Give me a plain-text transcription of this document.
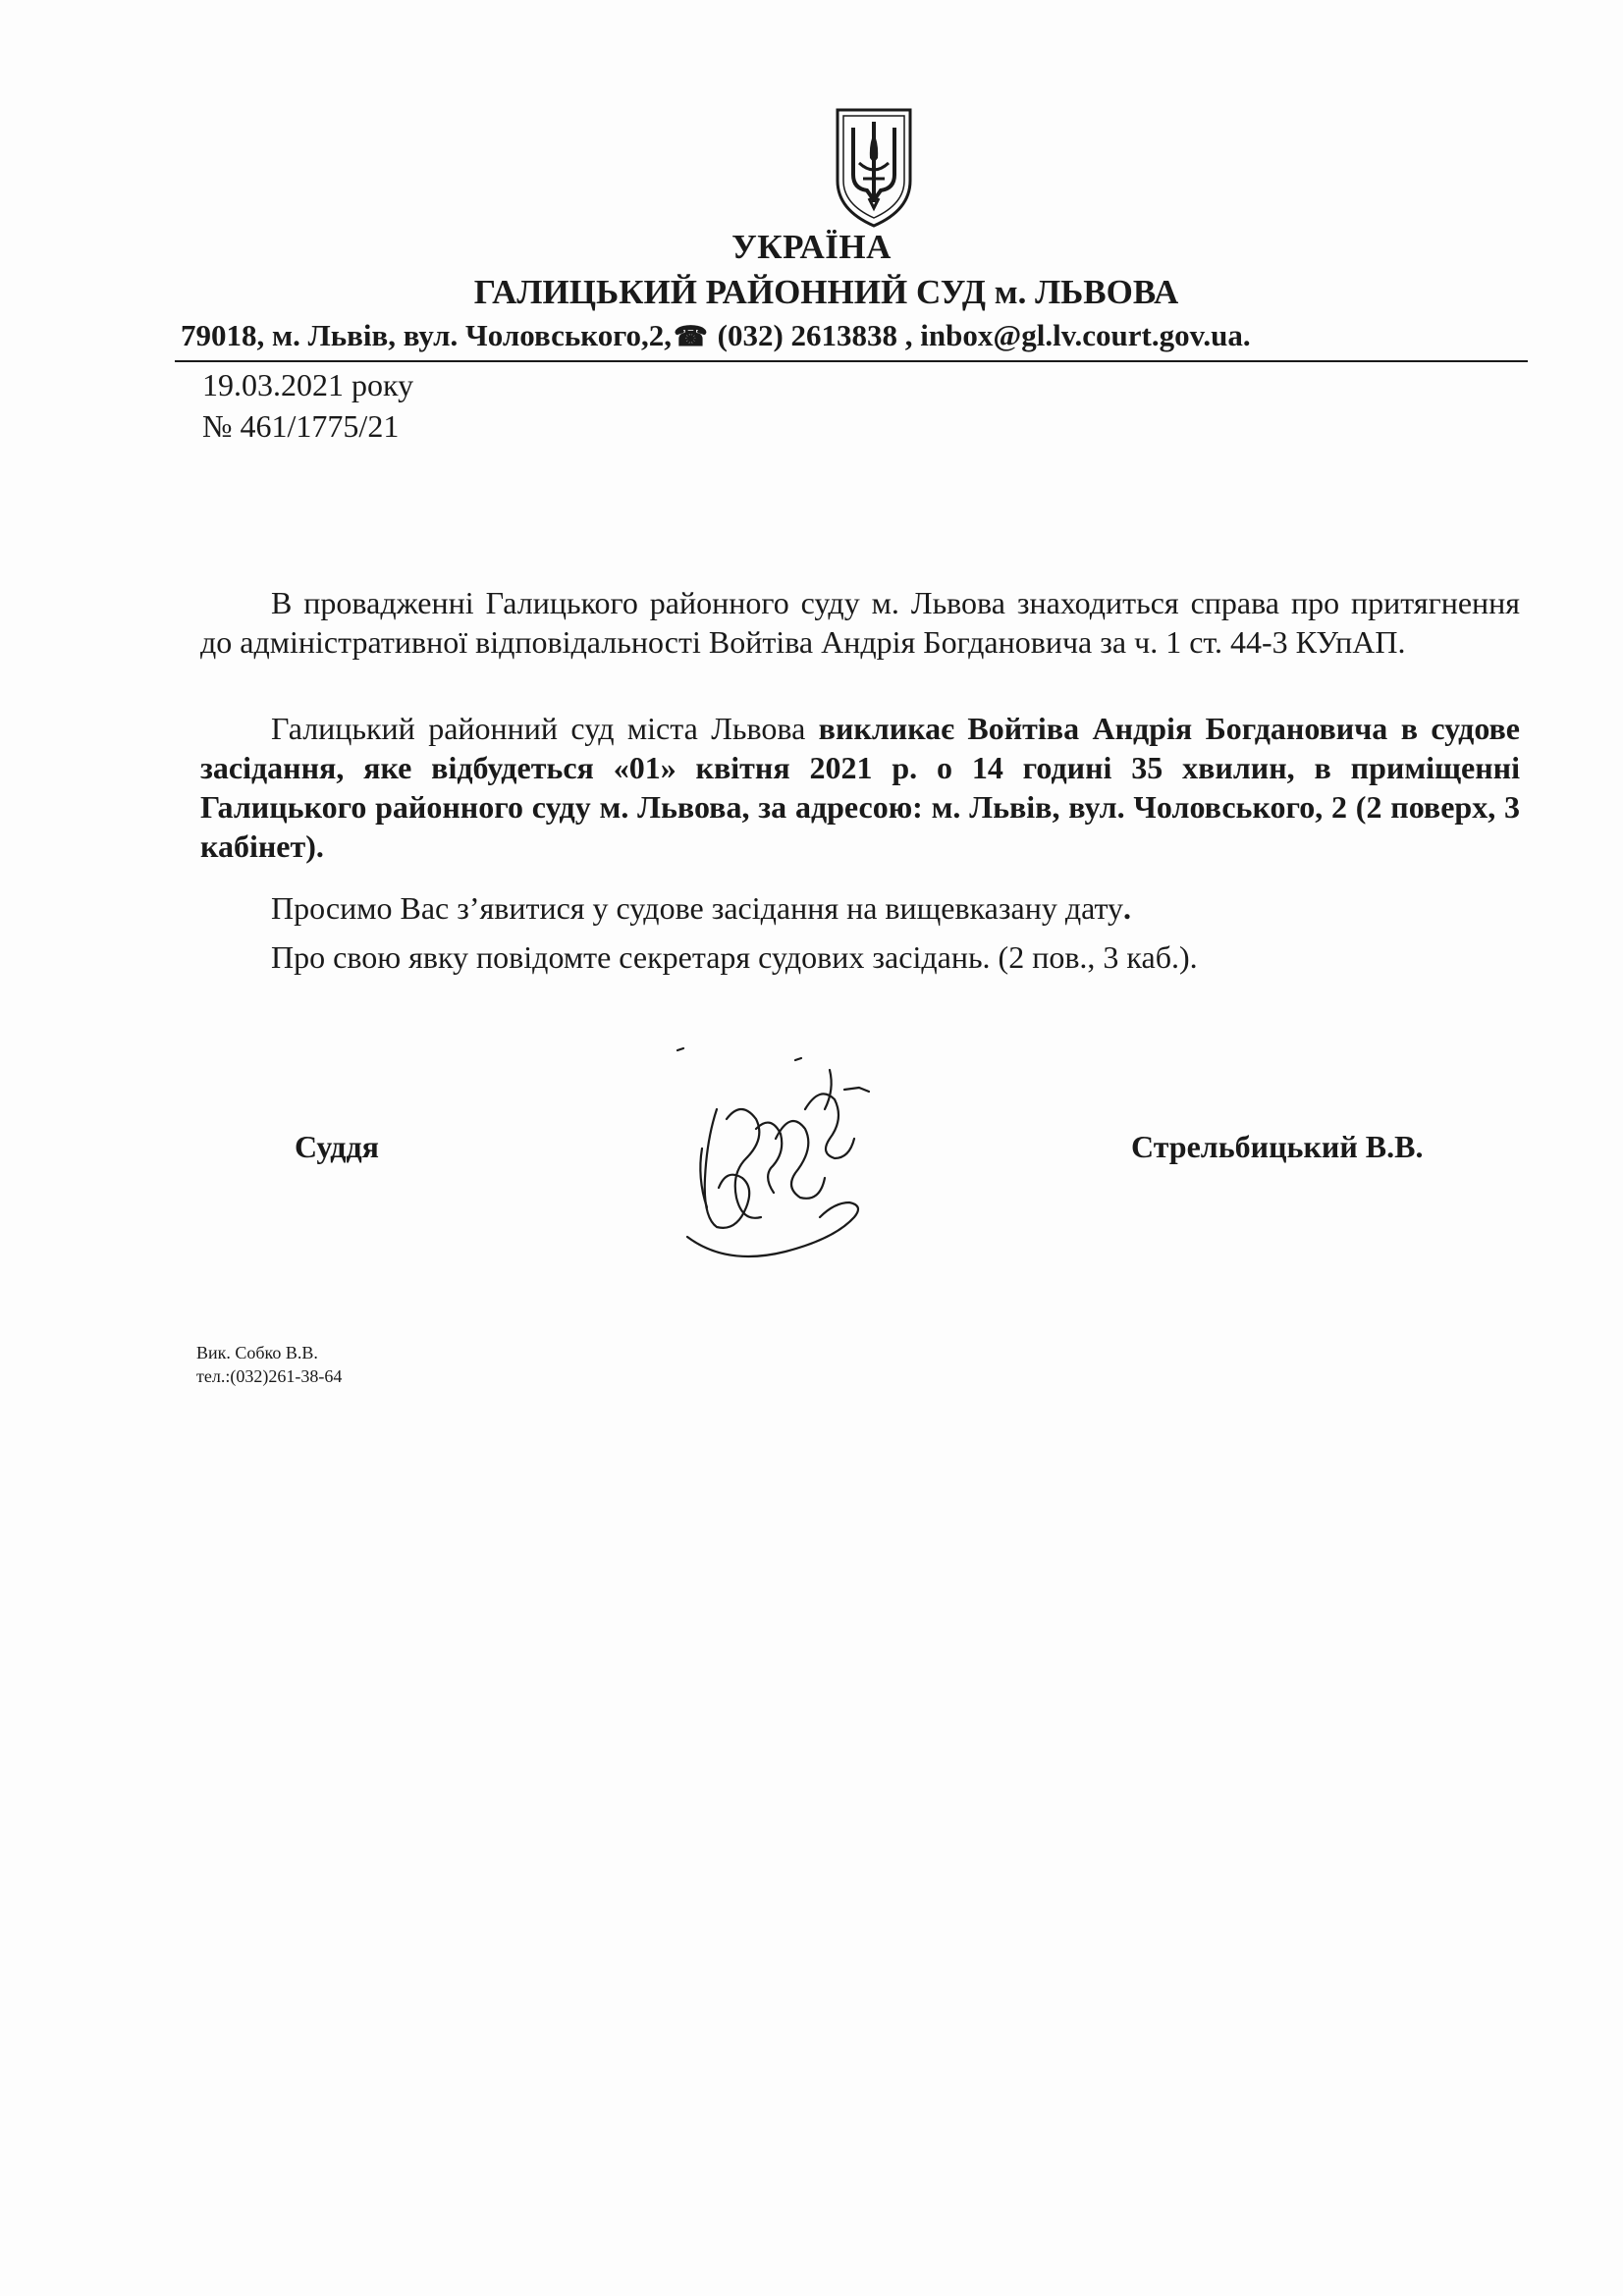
УКРАЇНА
ГАЛИЦЬКИЙ РАЙОННИЙ СУД м. ЛЬВОВА
79018, м. Львів, вул. Чоловського,2,☎ (032) 2613838 , inbox@gl.lv.court.gov.ua.
19.03.2021 року
№ 461/1775/21
В провадженні Галицького районного суду м. Львова знаходиться справа про притягнення до адміністративної відповідальності Войтіва Андрія Богдановича за ч. 1 ст. 44-3 КУпАП.
Галицький районний суд міста Львова викликає Войтіва Андрія Богдановича в судове засідання, яке відбудеться «01» квітня 2021 р. о 14 годині 35 хвилин, в приміщенні Галицького районного суду м. Львова, за адресою: м. Львів, вул. Чоловського, 2 (2 поверх, 3 кабінет).
Просимо Вас з’явитися у судове засідання на вищевказану дату.
Про свою явку повідомте секретаря судових засідань. (2 пов., 3 каб.).
Суддя	Стрельбицький В.В.
Вик. Собко В.В.
тел.:(032)261-38-64
